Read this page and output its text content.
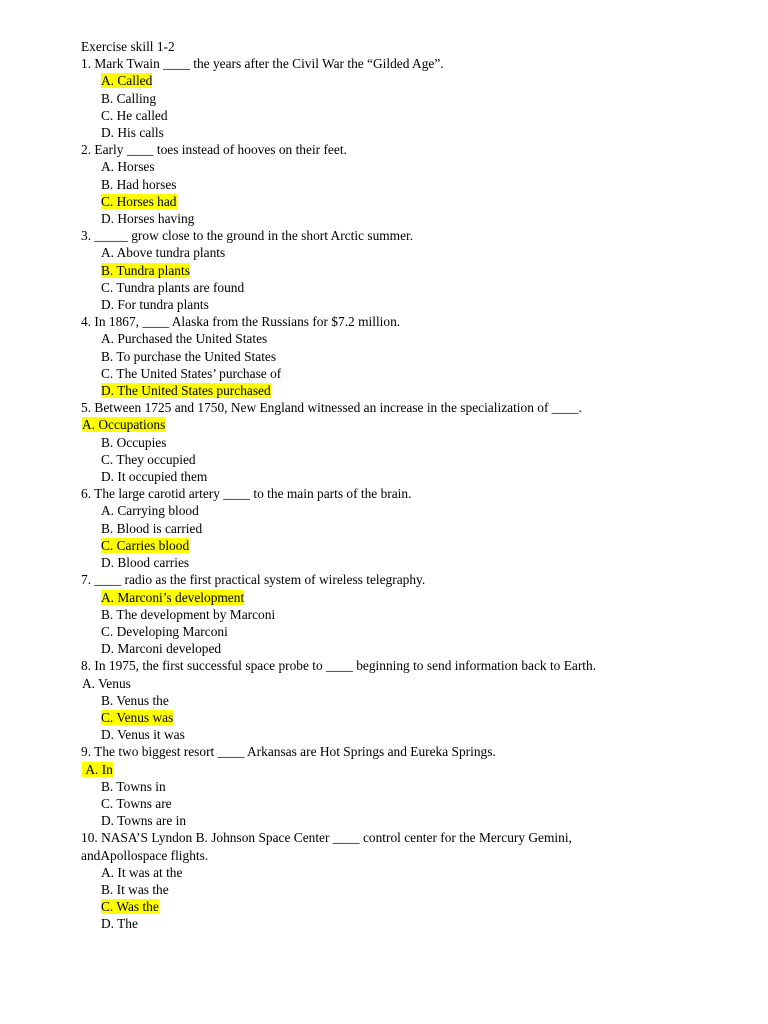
Exercise skill 1-2
1. Mark Twain ____ the years after the Civil War the “Gilded Age”.
A. Called
B. Calling
C. He called
D. His calls
2. Early ____ toes instead of hooves on their feet.
A. Horses
B. Had horses
C. Horses had
D. Horses having
3. _____ grow close to the ground in the short Arctic summer.
A. Above tundra plants
B. Tundra plants
C. Tundra plants are found
D. For tundra plants
4. In 1867, ____ Alaska from the Russians for $7.2 million.
A. Purchased the United States
B. To purchase the United States
C. The United States’ purchase of
D. The United States purchased
5. Between 1725 and 1750, New England witnessed an increase in the specialization of ____.
A. Occupations
B. Occupies
C. They occupied
D. It occupied them
6. The large carotid artery ____ to the main parts of the brain.
A. Carrying blood
B. Blood is carried
C. Carries blood
D. Blood carries
7. ____ radio as the first practical system of wireless telegraphy.
A. Marconi’s development
B. The development by Marconi
C. Developing Marconi
D. Marconi developed
8. In 1975, the first successful space probe to ____ beginning to send information back to Earth.
A. Venus
B. Venus the
C. Venus was
D. Venus it was
9. The two biggest resort ____ Arkansas are Hot Springs and Eureka Springs.
A. In
B. Towns in
C. Towns are
D. Towns are in
10. NASA’S Lyndon B. Johnson Space Center ____ control center for the Mercury Gemini,
andApollospace flights.
A. It was at the
B. It was the
C. Was the
D. The
